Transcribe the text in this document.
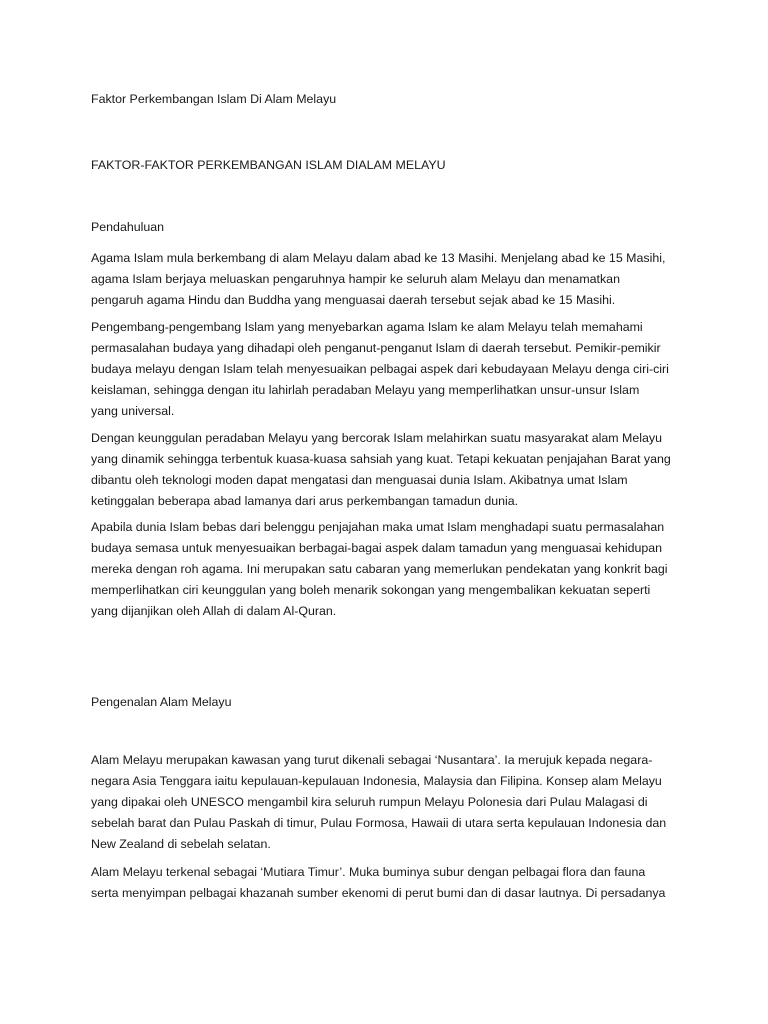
Faktor Perkembangan Islam Di Alam Melayu

FAKTOR-FAKTOR PERKEMBANGAN ISLAM DIALAM MELAYU

Pendahuluan

Agama Islam mula berkembang di alam Melayu dalam abad ke 13 Masihi. Menjelang abad ke 15 Masihi,
agama Islam berjaya meluaskan pengaruhnya hampir ke seluruh alam Melayu dan menamatkan
pengaruh agama Hindu dan Buddha yang menguasai daerah tersebut sejak abad ke 15 Masihi.

Pengembang-pengembang Islam yang menyebarkan agama Islam ke alam Melayu telah memahami
permasalahan budaya yang dihadapi oleh penganut-penganut Islam di daerah tersebut. Pemikir-pemikir
budaya melayu dengan Islam telah menyesuaikan pelbagai aspek dari kebudayaan Melayu denga ciri-ciri
keislaman, sehingga dengan itu lahirlah peradaban Melayu yang memperlihatkan unsur-unsur Islam
yang universal.

Dengan keunggulan peradaban Melayu yang bercorak Islam melahirkan suatu masyarakat alam Melayu
yang dinamik sehingga terbentuk kuasa-kuasa sahsiah yang kuat. Tetapi kekuatan penjajahan Barat yang
dibantu oleh teknologi moden dapat mengatasi dan menguasai dunia Islam. Akibatnya umat Islam
ketinggalan beberapa abad lamanya dari arus perkembangan tamadun dunia.

Apabila dunia Islam bebas dari belenggu penjajahan maka umat Islam menghadapi suatu permasalahan
budaya semasa untuk menyesuaikan berbagai-bagai aspek dalam tamadun yang menguasai kehidupan
mereka dengan roh agama. Ini merupakan satu cabaran yang memerlukan pendekatan yang konkrit bagi
memperlihatkan ciri keunggulan yang boleh menarik sokongan yang mengembalikan kekuatan seperti
yang dijanjikan oleh Allah di dalam Al-Quran.

Pengenalan Alam Melayu

Alam Melayu merupakan kawasan yang turut dikenali sebagai ‘Nusantara’. Ia merujuk kepada negara-
negara Asia Tenggara iaitu kepulauan-kepulauan Indonesia, Malaysia dan Filipina. Konsep alam Melayu
yang dipakai oleh UNESCO mengambil kira seluruh rumpun Melayu Polonesia dari Pulau Malagasi di
sebelah barat dan Pulau Paskah di timur, Pulau Formosa, Hawaii di utara serta kepulauan Indonesia dan
New Zealand di sebelah selatan.

Alam Melayu terkenal sebagai ‘Mutiara Timur’. Muka buminya subur dengan pelbagai flora dan fauna
serta menyimpan pelbagai khazanah sumber ekenomi di perut bumi dan di dasar lautnya. Di persadanya
